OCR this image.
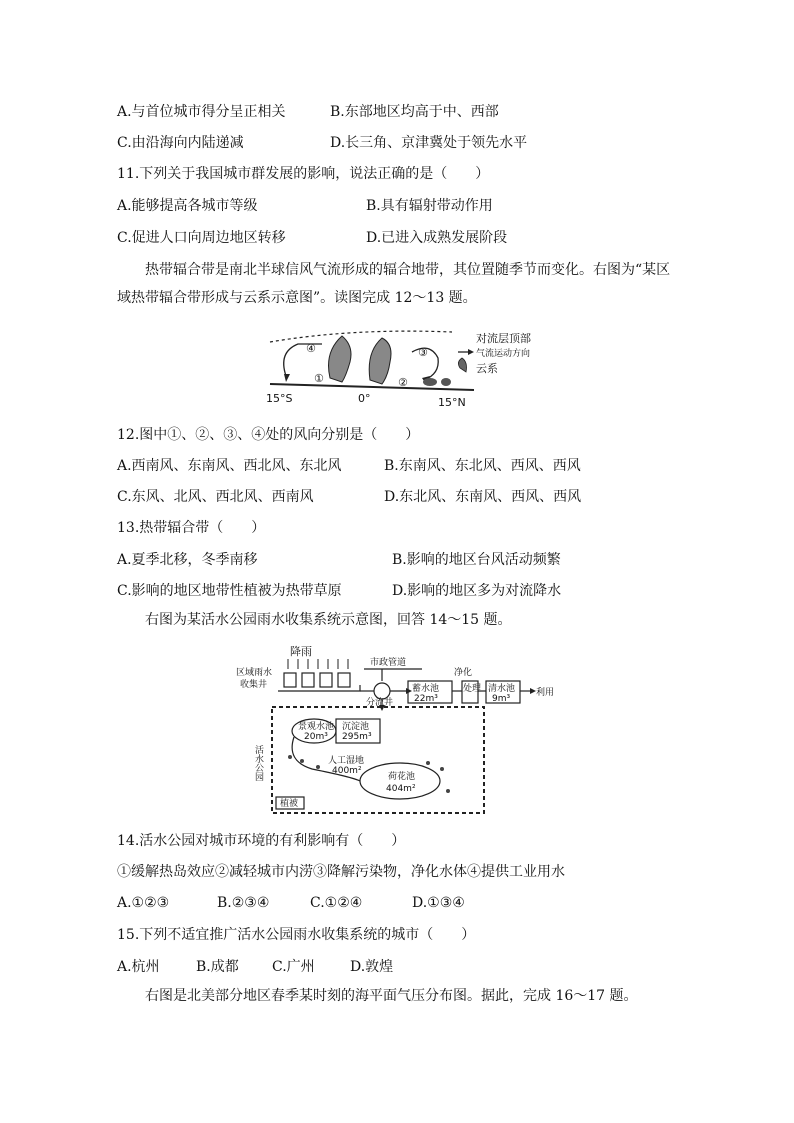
A.与首位城市得分呈正相关	B.东部地区均高于中、西部
C.由沿海向内陆递减	D.长三角、京津冀处于领先水平
11.下列关于我国城市群发展的影响，说法正确的是（　　）
A.能够提高各城市等级	B.具有辐射带动作用
C.促进人口向周边地区转移	D.已进入成熟发展阶段
热带辐合带是南北半球信风气流形成的辐合地带，其位置随季节而变化。右图为“某区域热带辐合带形成与云系示意图”。读图完成 12～13 题。
④
①	②
③
对流层顶部
气流运动方向
云系
15°S	0°	15°N
12.图中①、②、③、④处的风向分别是（　　）
A.西南风、东南风、西北风、东北风	B.东南风、东北风、西风、西风
C.东风、北风、西北风、西南风	D.东北风、东南风、西风、西风
13.热带辐合带（　　）
A.夏季北移，冬季南移	B.影响的地区台风活动频繁
C.影响的地区地带性植被为热带草原	D.影响的地区多为对流降水
右图为某活水公园雨水收集系统示意图，回答 14～15 题。
降雨
市政管道
区域雨水
收集井
净化
蓄水池
22m³
处理 清水池
9m³
利用
分流井
景观水池
20m³
沉淀池
295m³
人工湿地
400m²
荷花池
404m²
植被
活水公园
14.活水公园对城市环境的有利影响有（　　）
①缓解热岛效应②减轻城市内涝③降解污染物，净化水体④提供工业用水
A.①②③	B.②③④	C.①②④	D.①③④
15.下列不适宜推广活水公园雨水收集系统的城市（　　）
A.杭州	B.成都 C.广州	D.敦煌
右图是北美部分地区春季某时刻的海平面气压分布图。据此，完成 16～17 题。
